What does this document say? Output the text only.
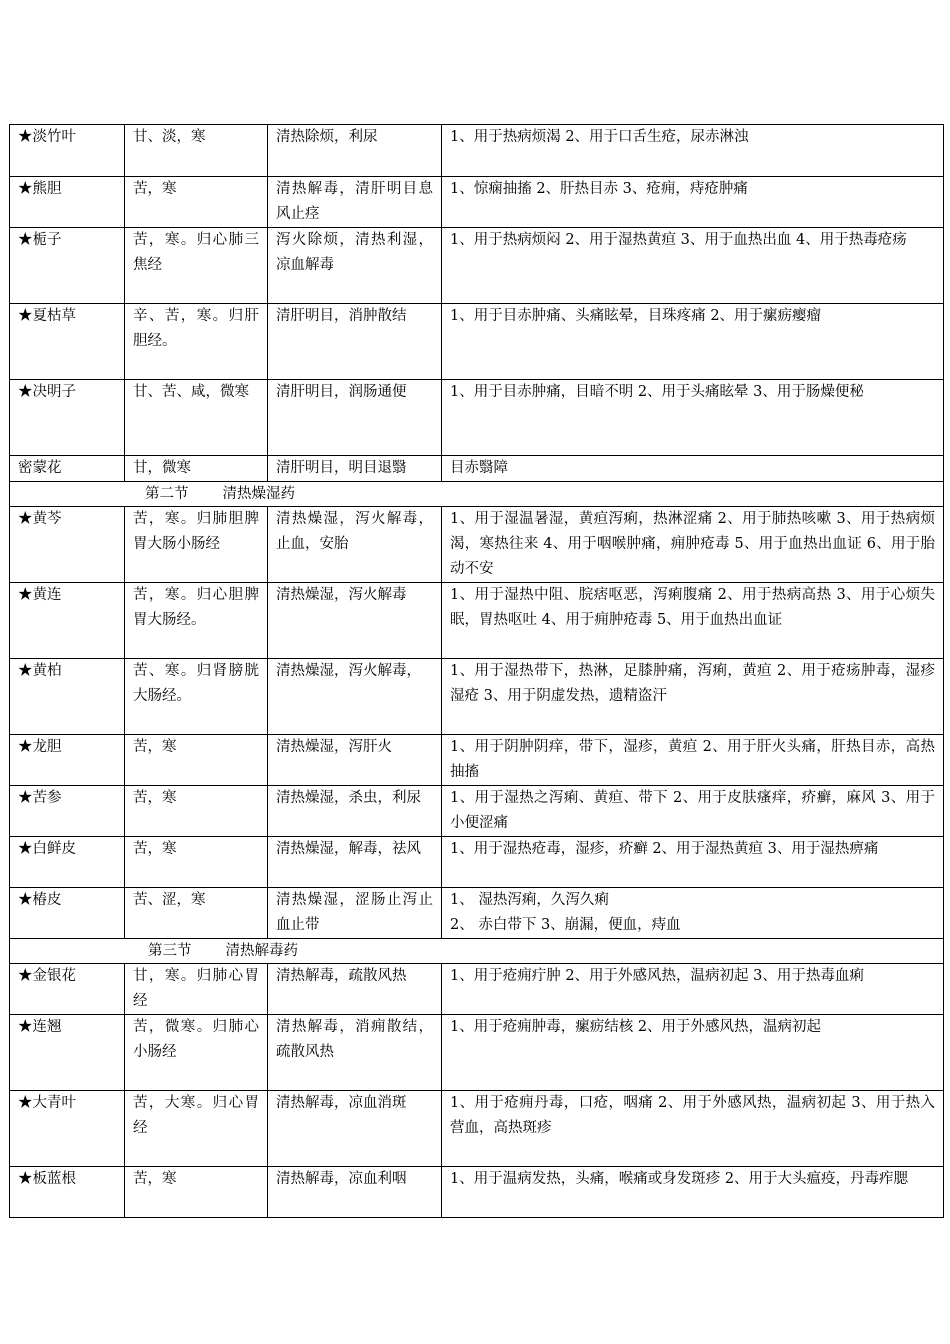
★淡竹叶	甘、淡，寒	清热除烦，利尿	1、用于热病烦渴 2、用于口舌生疮，尿赤淋浊
★熊胆	苦，寒	清热解毒，清肝明目息风止痉	1、惊痫抽搐 2、肝热目赤 3、疮痈，痔疮肿痛
★栀子	苦，寒。归心肺三焦经	泻火除烦，清热利湿，凉血解毒	1、用于热病烦闷 2、用于湿热黄疸 3、用于血热出血 4、用于热毒疮疡
★夏枯草	辛、苦，寒。归肝胆经。	清肝明目，消肿散结	1、用于目赤肿痛、头痛眩晕，目珠疼痛 2、用于瘰疬瘿瘤
★决明子	甘、苦、咸，微寒	清肝明目，润肠通便	1、用于目赤肿痛，目暗不明 2、用于头痛眩晕 3、用于肠燥便秘
密蒙花	甘，微寒	清肝明目，明目退翳	目赤翳障
第二节 清热燥湿药			
★黄芩	苦，寒。归肺胆脾胃大肠小肠经	清热燥湿，泻火解毒，止血，安胎	1、用于湿温暑湿，黄疸泻痢，热淋涩痛 2、用于肺热咳嗽 3、用于热病烦渴，寒热往来 4、用于咽喉肿痛，痈肿疮毒 5、用于血热出血证 6、用于胎动不安
★黄连	苦，寒。归心胆脾胃大肠经。	清热燥湿，泻火解毒	1、用于湿热中阻、脘痞呕恶，泻痢腹痛 2、用于热病高热 3、用于心烦失眠，胃热呕吐 4、用于痈肿疮毒 5、用于血热出血证
★黄柏	苦、寒。归肾膀胱大肠经。	清热燥湿，泻火解毒，	1、用于湿热带下，热淋，足膝肿痛，泻痢，黄疸 2、用于疮疡肿毒，湿疹湿疮 3、用于阴虚发热，遗精盗汗
★龙胆	苦，寒	清热燥湿，泻肝火	1、用于阴肿阴痒，带下，湿疹，黄疸 2、用于肝火头痛，肝热目赤，高热抽搐
★苦参	苦，寒	清热燥湿，杀虫，利尿	1、用于湿热之泻痢、黄疸、带下 2、用于皮肤瘙痒，疥癣，麻风 3、用于小便涩痛
★白鲜皮	苦，寒	清热燥湿，解毒，祛风	1、用于湿热疮毒，湿疹，疥癣 2、用于湿热黄疸 3、用于湿热痹痛
★椿皮	苦、涩，寒	清热燥湿，涩肠止泻止血止带	1、 湿热泻痢，久泻久痢
2、 赤白带下 3、崩漏，便血，痔血

第三节 清热解毒药			
★金银花	甘，寒。归肺心胃经	清热解毒，疏散风热	1、用于疮痈疔肿 2、用于外感风热，温病初起 3、用于热毒血痢
★连翘	苦，微寒。归肺心小肠经	清热解毒，消痈散结，疏散风热	1、用于疮痈肿毒，瘰疬结核 2、用于外感风热，温病初起
★大青叶	苦，大寒。归心胃经	清热解毒，凉血消斑	1、用于疮痈丹毒，口疮，咽痛 2、用于外感风热，温病初起 3、用于热入营血，高热斑疹
★板蓝根	苦，寒	清热解毒，凉血利咽	1、用于温病发热，头痛，喉痛或身发斑疹 2、用于大头瘟疫，丹毒痄腮
